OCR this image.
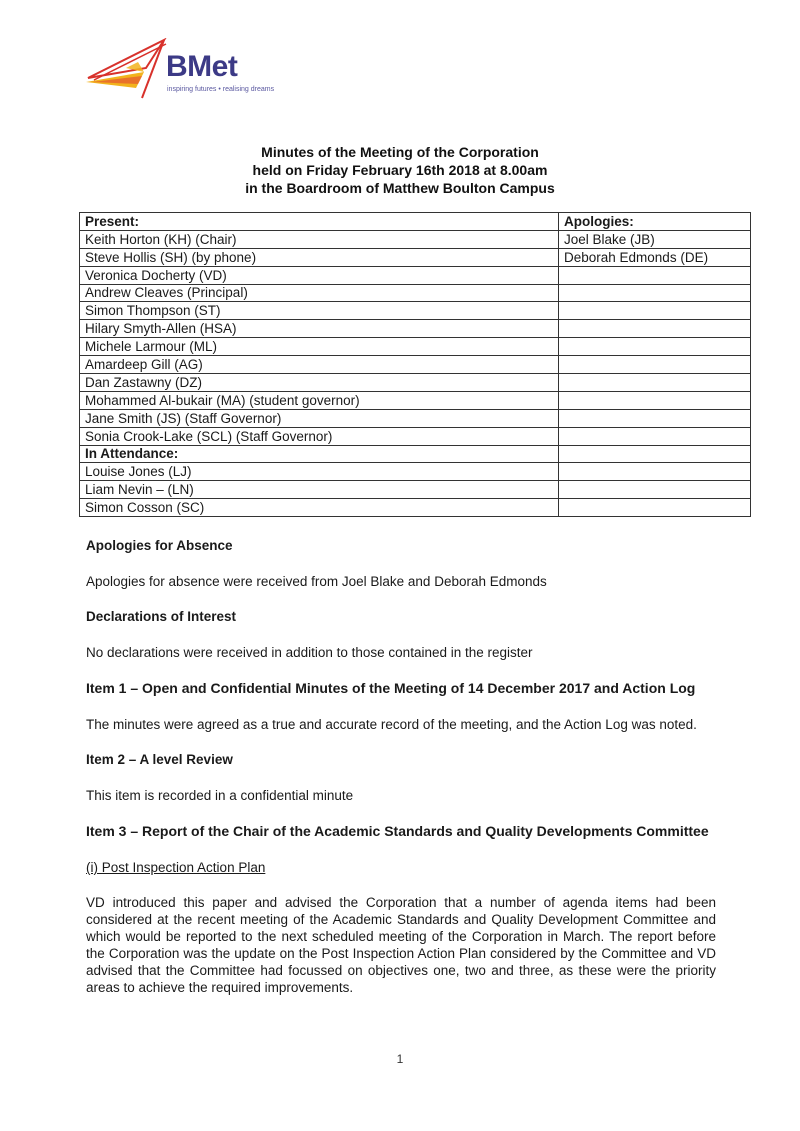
BMet
inspiring futures • realising dreams
Minutes of the Meeting of the Corporation
held on Friday February 16th 2018 at 8.00am
in the Boardroom of Matthew Boulton Campus
Present:	Apologies:
Keith Horton (KH) (Chair)	Joel Blake (JB)
Steve Hollis (SH) (by phone)	Deborah Edmonds (DE)
Veronica Docherty (VD)	
Andrew Cleaves (Principal)	
Simon Thompson (ST)	
Hilary Smyth-Allen (HSA)	
Michele Larmour (ML)	
Amardeep Gill (AG)	
Dan Zastawny (DZ)	
Mohammed Al-bukair (MA) (student governor)	
Jane Smith (JS) (Staff Governor)	
Sonia Crook-Lake (SCL) (Staff Governor)	
In Attendance:	
Louise Jones (LJ)	
Liam Nevin – (LN)	
Simon Cosson (SC)	

Apologies for Absence

Apologies for absence were received from Joel Blake and Deborah Edmonds

Declarations of Interest

No declarations were received in addition to those contained in the register

Item 1 – Open and Confidential Minutes of the Meeting of 14 December 2017 and Action Log

The minutes were agreed as a true and accurate record of the meeting, and the Action Log was noted.

Item 2 – A level Review

This item is recorded in a confidential minute

Item 3 – Report of the Chair of the Academic Standards and Quality Developments Committee

(i) Post Inspection Action Plan

VD introduced this paper and advised the Corporation that a number of agenda items had been considered at the recent meeting of the Academic Standards and Quality Development Committee and which would be reported to the next scheduled meeting of the Corporation in March. The report before the Corporation was the update on the Post Inspection Action Plan considered by the Committee and VD advised that the Committee had focussed on objectives one, two and three, as these were the priority areas to achieve the required improvements.

1
